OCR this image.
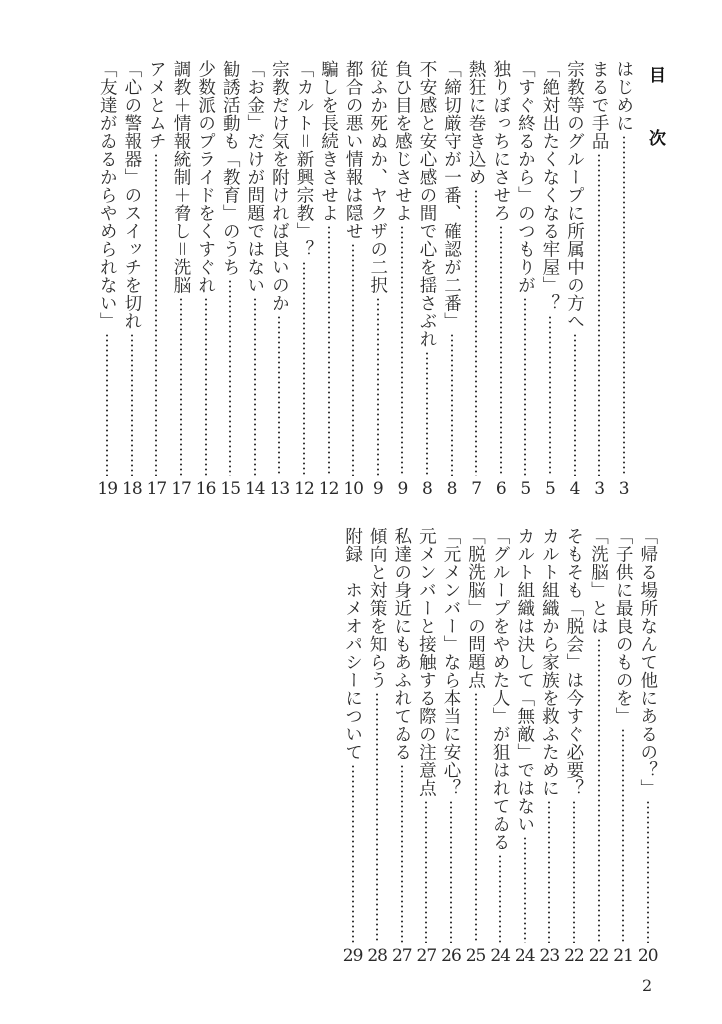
目 次
はじめに
3
まるで手品
3
宗教等のグループに所属中の方へ
4
「絶対出たくなくなる牢屋」？
5
「すぐ終るから」のつもりが
5
独りぼっちにさせろ
6
熱狂に巻き込め
7
「締切厳守が一番、確認が二番」
8
不安感と安心感の間で心を揺さぶれ
8
負ひ目を感じさせよ
9
従ふか死ぬか、ヤクザの二択
9
都合の悪い情報は隠せ
10
騙しを長続きさせよ
12
「カルト＝新興宗教」？
12
宗教だけ気を附ければ良いのか
13
「お金」だけが問題ではない
14
勧誘活動も「教育」のうち
15
少数派のプライドをくすぐれ
16
調教＋情報統制＋脅し＝洗脳
17
アメとムチ
17
「心の警報器」のスイッチを切れ
18
「友達がゐるからやめられない」
19
「帰る場所なんて他にあるの？」
20
「子供に最良のものを」
21
「洗脳」とは
22
そもそも「脱会」は今すぐ必要？
22
カルト組織から家族を救ふために
23
カルト組織は決して「無敵」ではない
24
「グループをやめた人」が狙はれてゐる
24
「脱洗脳」の問題点
25
「元メンバー」なら本当に安心？
26
元メンバーと接触する際の注意点
27
私達の身近にもあふれてゐる
27
傾向と対策を知らう
28
附録　ホメオパシーについて
29
2
